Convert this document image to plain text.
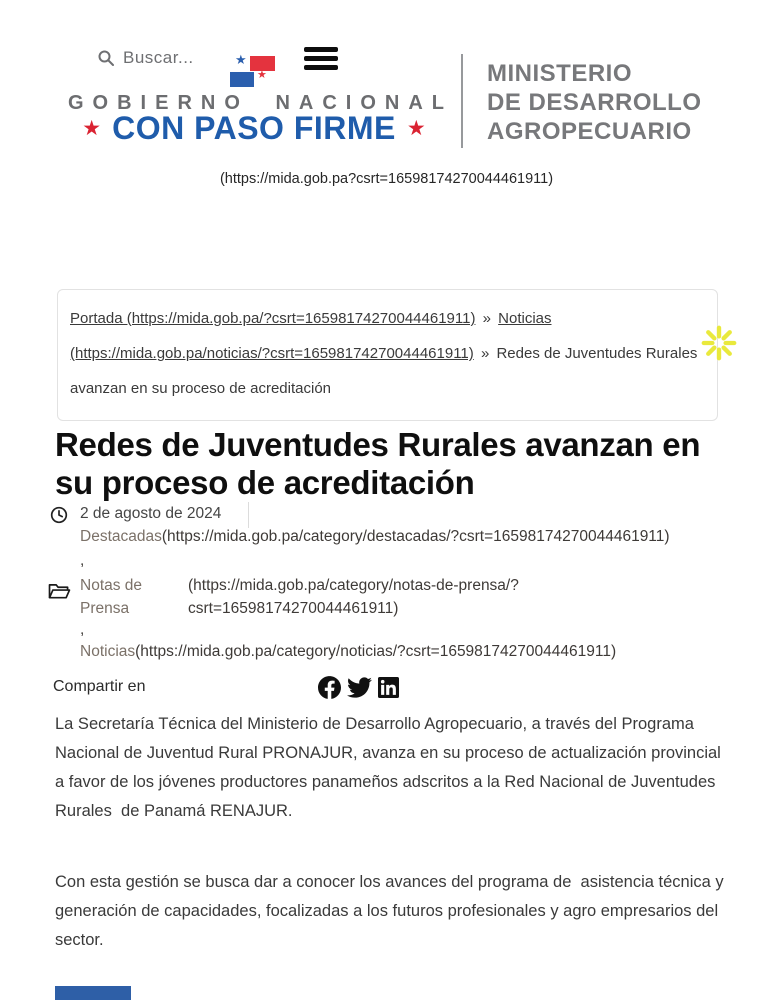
Buscar...	★
★
GOBIERNO NACIONAL
★ CON PASO FIRME ★
MINISTERIO
DE DESARROLLO
AGROPECUARIO
(https://mida.gob.pa?csrt=16598174270044461911)
Portada (https://mida.gob.pa/?csrt=16598174270044461911) » Noticias (https://mida.gob.pa/noticias/?csrt=16598174270044461911) » Redes de Juventudes Rurales avanzan en su proceso de acreditación
Redes de Juventudes Rurales avanzan en su proceso de acreditación
2 de agosto de 2024
Destacadas(https://mida.gob.pa/category/destacadas/?csrt=16598174270044461911)
,
Notas de
Prensa
(https://mida.gob.pa/category/notas-de-prensa/?
csrt=16598174270044461911)
,
Noticias(https://mida.gob.pa/category/noticias/?csrt=16598174270044461911)
Compartir en

La Secretaría Técnica del Ministerio de Desarrollo Agropecuario, a través del Programa Nacional de Juventud Rural PRONAJUR, avanza en su proceso de actualización provincial a favor de los jóvenes productores panameños adscritos a la Red Nacional de Juventudes Rurales  de Panamá RENAJUR.

Con esta gestión se busca dar a conocer los avances del programa de  asistencia técnica y generación de capacidades, focalizadas a los futuros profesionales y agro empresarios del sector.
